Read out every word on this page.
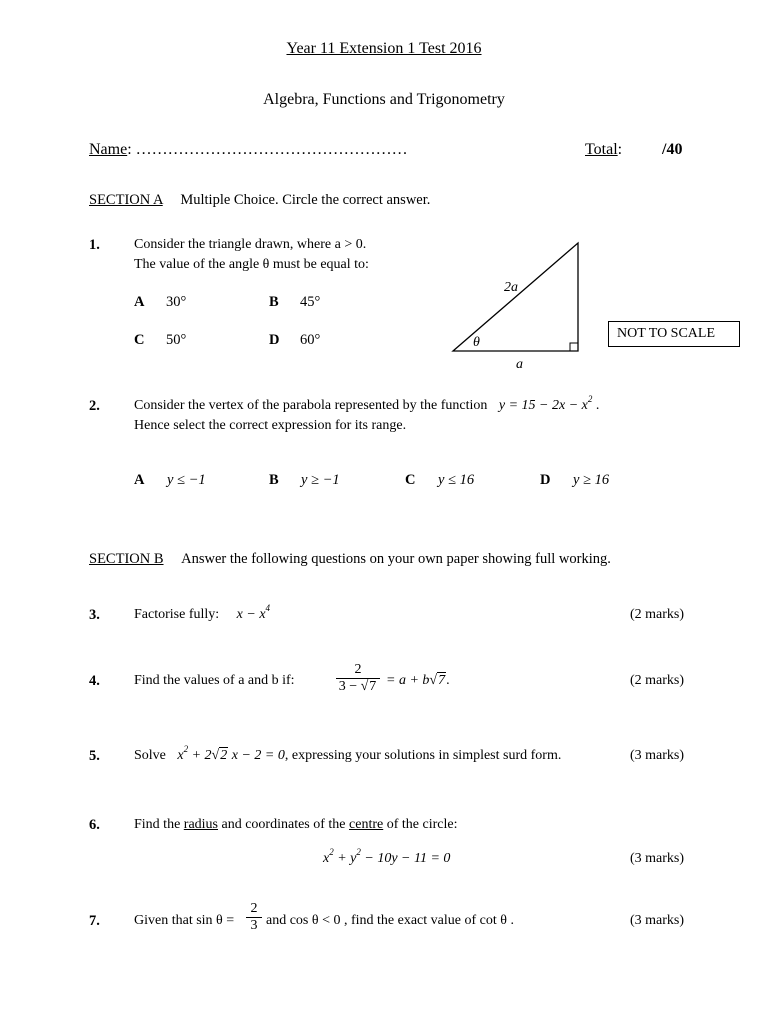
Year 11 Extension 1 Test 2016
Algebra, Functions and Trigonometry
Name: ……………………………………………	Total: /40
SECTION A Multiple Choice. Circle the correct answer.
1. Consider the triangle drawn, where a > 0.
The value of the angle θ must be equal to:
A 30°	B 45°
C 50°	D 60°
2a
a
θ
NOT TO SCALE
2. Consider the vertex of the parabola represented by the function $y = 15 - 2x - x^2$ .
Hence select the correct expression for its range.
A y ≤ −1	B y ≥ −1	C y ≤ 16	D y ≥ 16
SECTION B Answer the following questions on your own paper showing full working.
3. Factorise fully: $x - x^4$	(2 marks)
4. Find the values of a and b if:	$\frac{2}{3 - √7} = a + b√7$.	(2 marks)
5. Solve $x^2 + 2√2$ x − 2 = 0, expressing your solutions in simplest surd form.	(3 marks)
6. Find the radius and coordinates of the centre of the circle:
$x^2 + y^2 - 10y - 11 = 0$	(3 marks)
7. Given that $\sin \theta = \frac{2}{3}$ and cos θ < 0 , find the exact value of cot θ .	(3 marks)
